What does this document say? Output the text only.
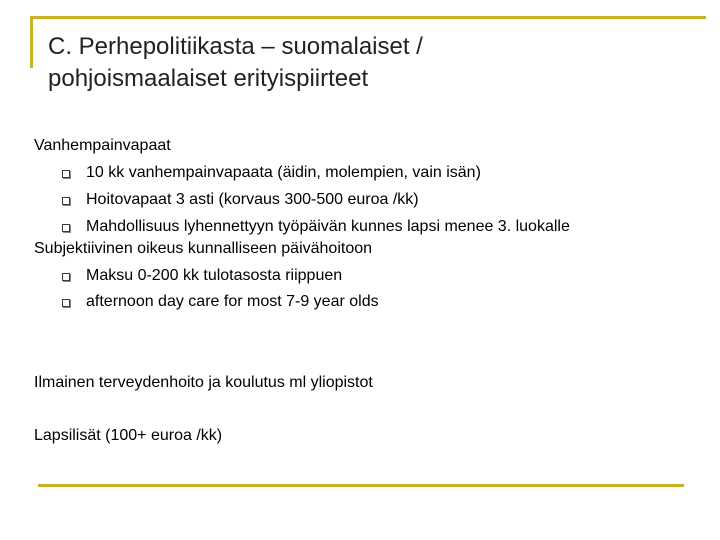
C. Perhepolitiikasta – suomalaiset /
pohjoismaalaiset erityispiirteet
Vanhempainvapaat
10 kk vanhempainvapaata (äidin, molempien, vain isän)
Hoitovapaat 3 asti (korvaus 300-500 euroa /kk)
Mahdollisuus lyhennettyyn työpäivän kunnes lapsi menee 3. luokalle
Subjektiivinen oikeus kunnalliseen päivähoitoon
Maksu 0-200 kk tulotasosta riippuen
afternoon day care for most 7-9 year olds
Ilmainen terveydenhoito ja koulutus ml yliopistot
Lapsilisät (100+ euroa /kk)
